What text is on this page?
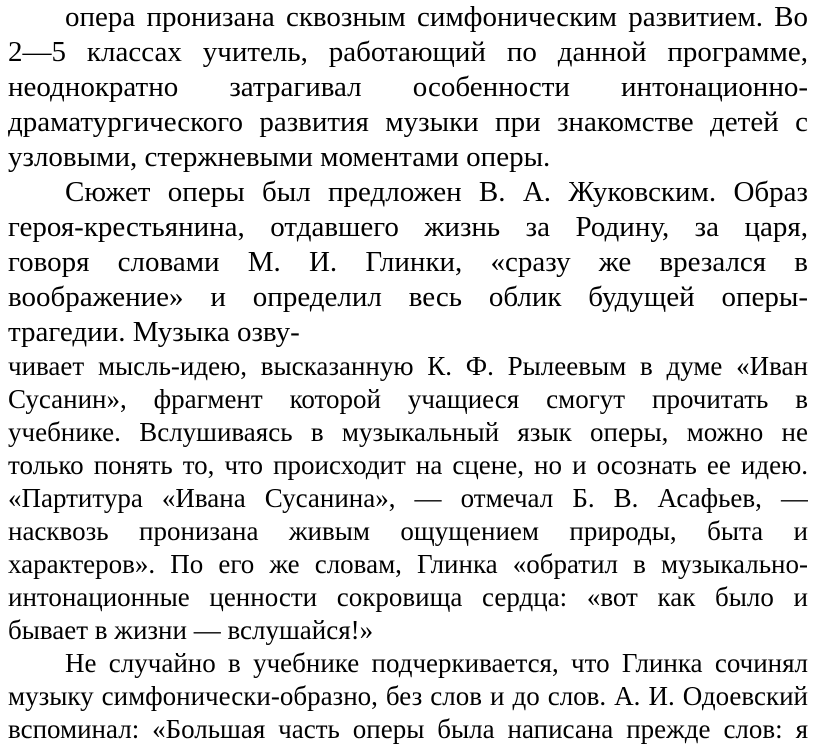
опера пронизана сквозным симфоническим развитием. Во
2—5 классах учитель, работающий по данной программе,
неоднократно затрагивал особенности интонационно-
драматургического развития музыки при знакомстве детей с
узловыми, стержневыми моментами оперы.
Сюжет оперы был предложен В. А. Жуковским. Образ
героя-крестьянина, отдавшего жизнь за Родину, за царя,
говоря словами М. И. Глинки, «сразу же врезался в
воображение» и определил весь облик будущей оперы-
трагедии. Музыка озву-
чивает мысль-идею, высказанную К. Ф. Рылеевым в думе «Иван
Сусанин», фрагмент которой учащиеся смогут прочитать в
учебнике. Вслушиваясь в музыкальный язык оперы, можно не
только понять то, что происходит на сцене, но и осознать ее идею.
«Партитура «Ивана Сусанина», — отмечал Б. В. Асафьев, —
насквозь пронизана живым ощущением природы, быта и
характеров». По его же словам, Глинка «обратил в музыкально-
интонационные ценности сокровища сердца: «вот как было и
бывает в жизни — вслушайся!»
Не случайно в учебнике подчеркивается, что Глинка сочинял
музыку симфонически-образно, без слов и до слов. А. И. Одоевский
вспоминал: «Большая часть оперы была написана прежде слов: я
